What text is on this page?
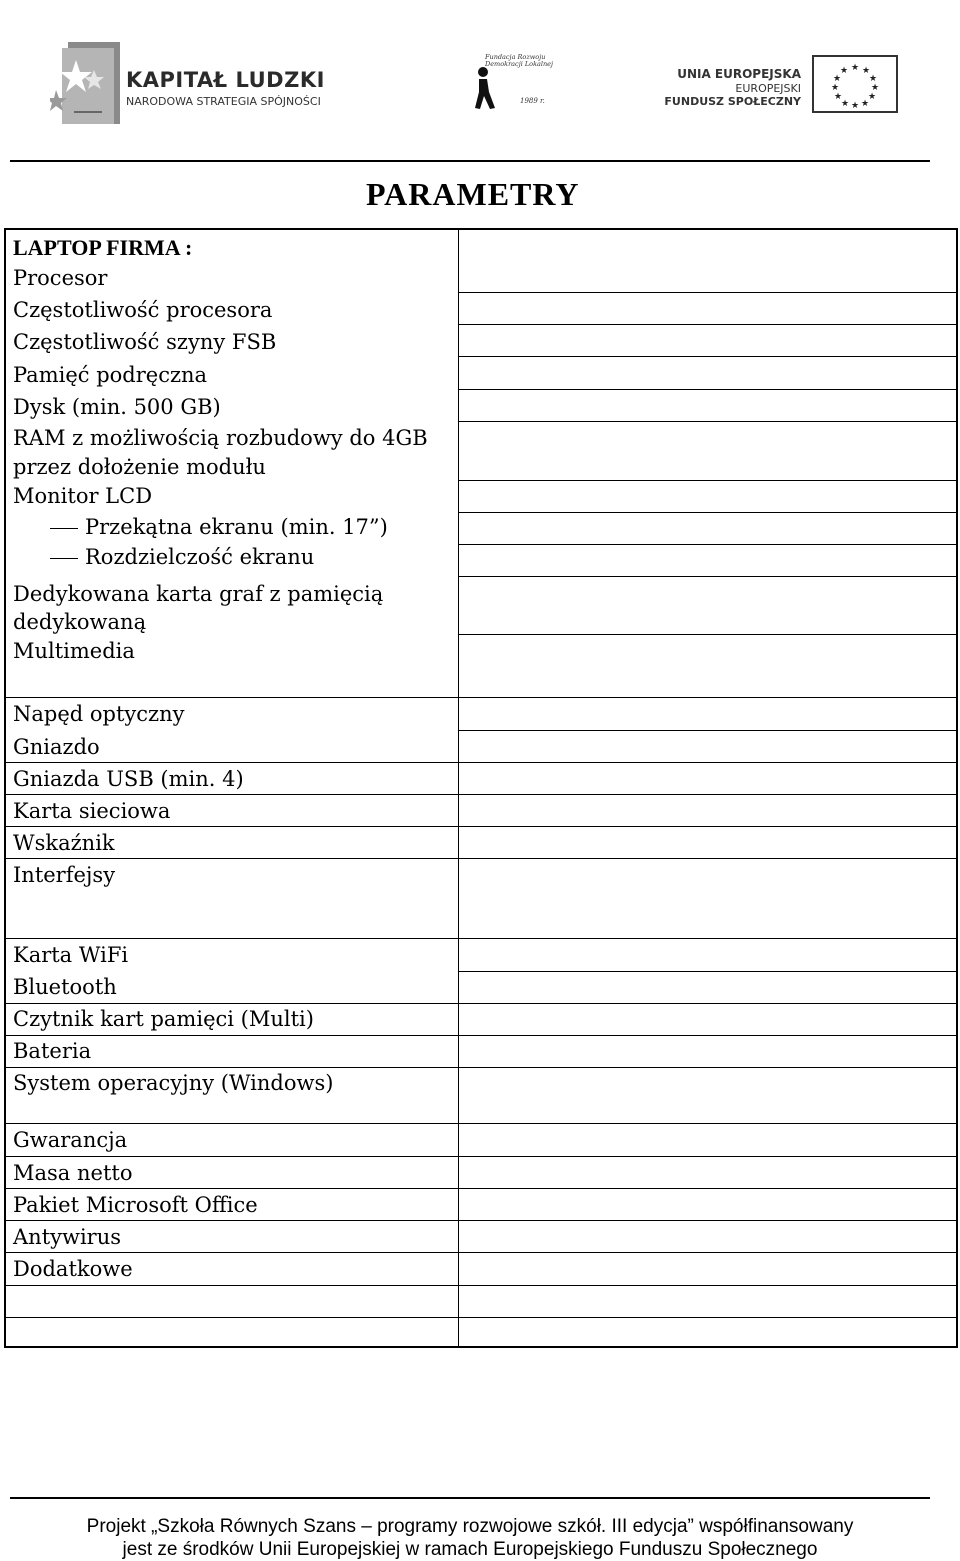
KAPITAŁ LUDZKI
NARODOWA STRATEGIA SPÓJNOŚCI
Fundacja Rozwoju
Demokracji Lokalnej
1989 r.
UNIA EUROPEJSKA
EUROPEJSKI
FUNDUSZ SPOŁECZNY
★ ★
★
★
★
★
★
★
★
★
★
★
PARAMETRY
LAPTOP FIRMA :
Procesor
Częstotliwość procesora
Częstotliwość szyny FSB
Pamięć podręczna
Dysk (min. 500 GB)
RAM z możliwością rozbudowy do 4GB
przez dołożenie modułu
Monitor LCD
Przekątna ekranu (min. 17”)
Rozdzielczość ekranu
Dedykowana karta graf z pamięcią
dedykowaną
Multimedia
Napęd optyczny
Gniazdo
Gniazda USB (min. 4)
Karta sieciowa
Wskaźnik
Interfejsy
Karta WiFi
Bluetooth
Czytnik kart pamięci (Multi)
Bateria
System operacyjny (Windows)
Gwarancja
Masa netto
Pakiet Microsoft Office
Antywirus
Dodatkowe
Projekt „Szkoła Równych Szans – programy rozwojowe szkół. III edycja” współfinansowany
jest ze środków Unii Europejskiej w ramach Europejskiego Funduszu Społecznego
